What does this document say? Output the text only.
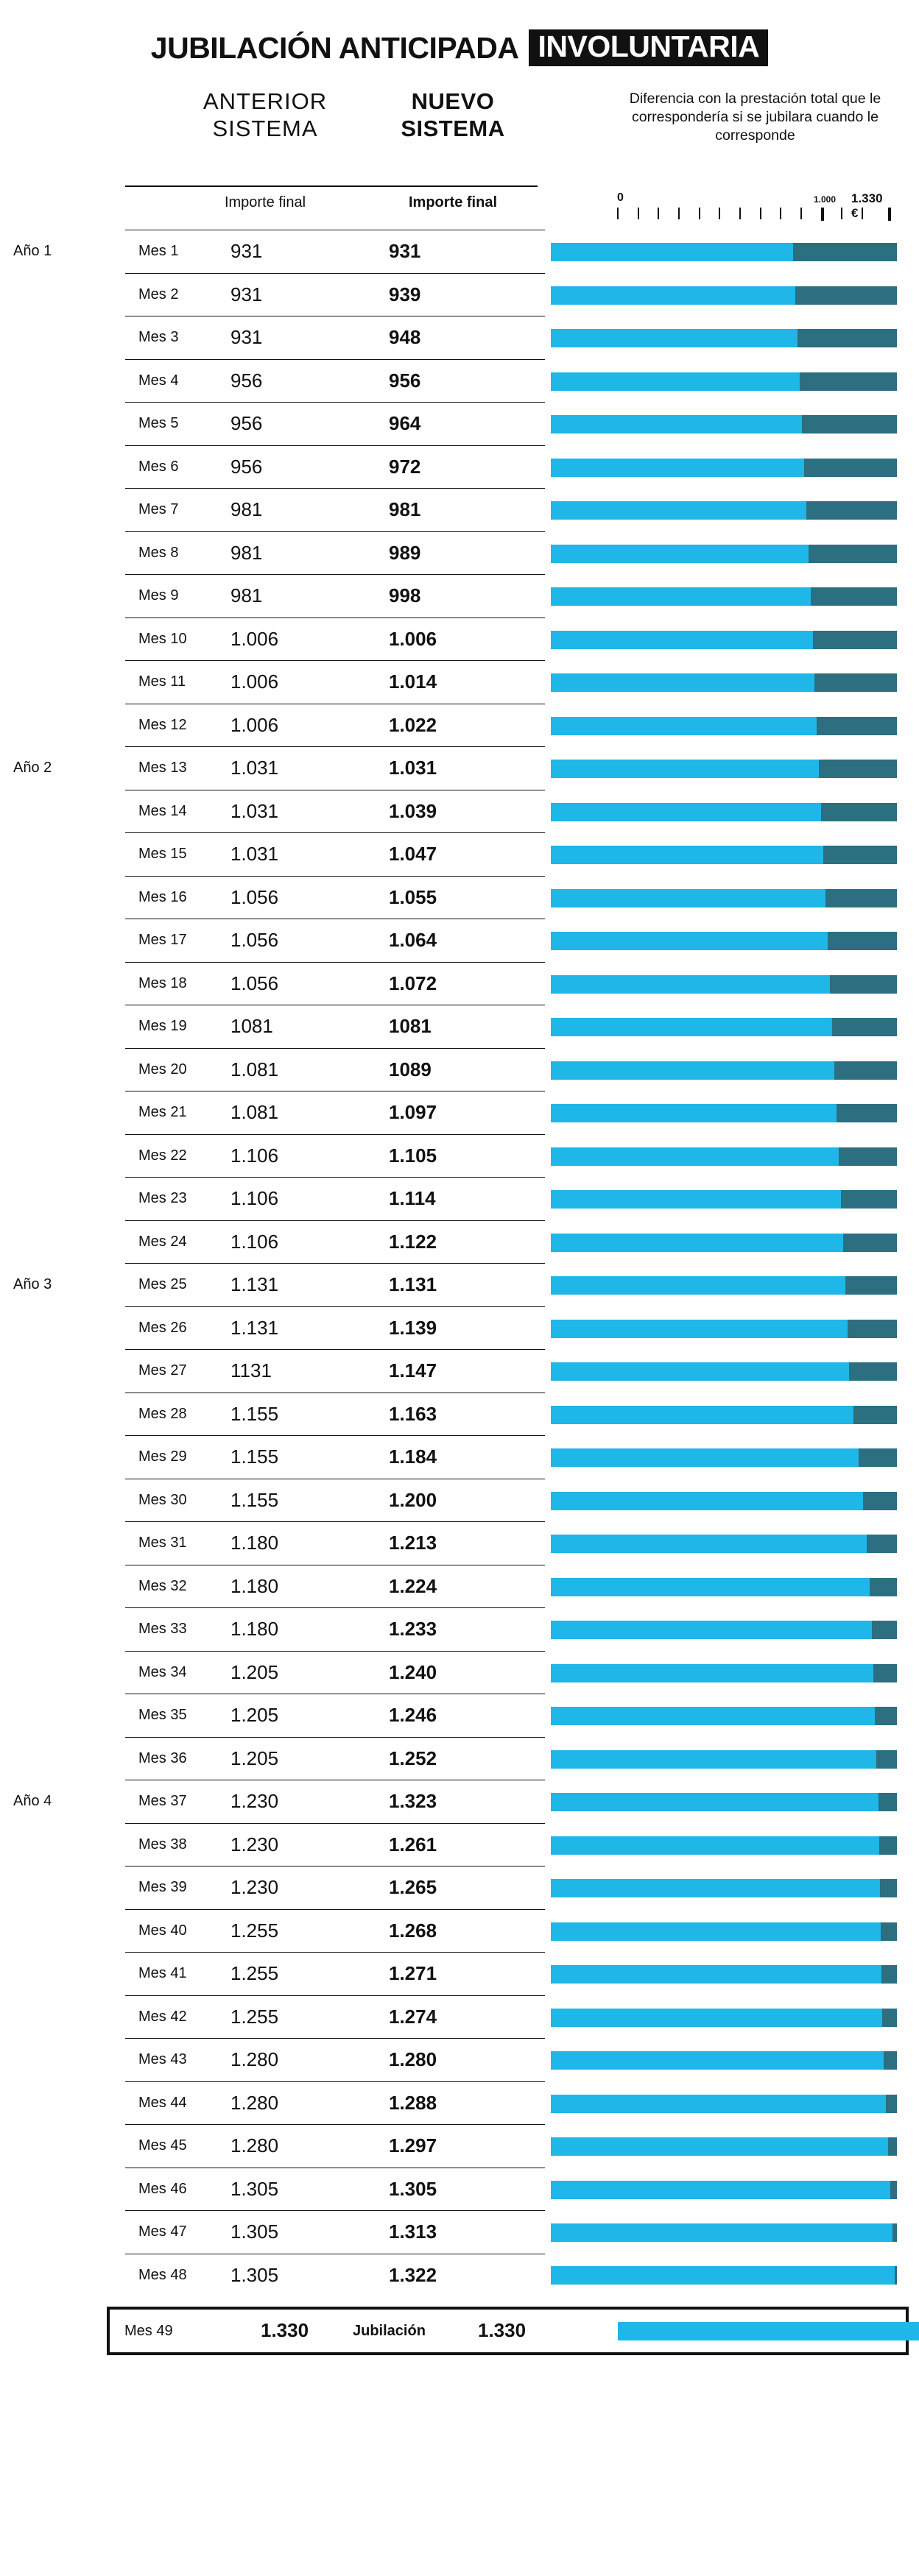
JUBILACIÓN ANTICIPADA INVOLUNTARIA
ANTERIOR
SISTEMA
NUEVO
SISTEMA
Diferencia con la prestación total que le correspondería si se jubilara cuando le corresponde
Importe final	Importe final	0	1.000 1.330 €
Año 1	Mes 1	931	931	

	Mes 2	931	939	

	Mes 3	931	948	

	Mes 4	956	956	

	Mes 5	956	964	

	Mes 6	956	972	

	Mes 7	981	981	

	Mes 8	981	989	

	Mes 9	981	998	

	Mes 10	1.006	1.006	

	Mes 11	1.006	1.014	

	Mes 12	1.006	1.022	

Año 2	Mes 13	1.031	1.031	

	Mes 14	1.031	1.039	

	Mes 15	1.031	1.047	

	Mes 16	1.056	1.055	

	Mes 17	1.056	1.064	

	Mes 18	1.056	1.072	

	Mes 19	1081	1081	

	Mes 20	1.081	1089	

	Mes 21	1.081	1.097	

	Mes 22	1.106	1.105	

	Mes 23	1.106	1.114	

	Mes 24	1.106	1.122	

Año 3	Mes 25	1.131	1.131	

	Mes 26	1.131	1.139	

	Mes 27	1131	1.147	

	Mes 28	1.155	1.163	

	Mes 29	1.155	1.184	

	Mes 30	1.155	1.200	

	Mes 31	1.180	1.213	

	Mes 32	1.180	1.224	

	Mes 33	1.180	1.233	

	Mes 34	1.205	1.240	

	Mes 35	1.205	1.246	

	Mes 36	1.205	1.252	

Año 4	Mes 37	1.230	1.323	

	Mes 38	1.230	1.261	

	Mes 39	1.230	1.265	

	Mes 40	1.255	1.268	

	Mes 41	1.255	1.271	

	Mes 42	1.255	1.274	

	Mes 43	1.280	1.280	

	Mes 44	1.280	1.288	

	Mes 45	1.280	1.297	

	Mes 46	1.305	1.305	

	Mes 47	1.305	1.313	

	Mes 48	1.305	1.322	
Mes 49	1.330	Jubilación	1.330
